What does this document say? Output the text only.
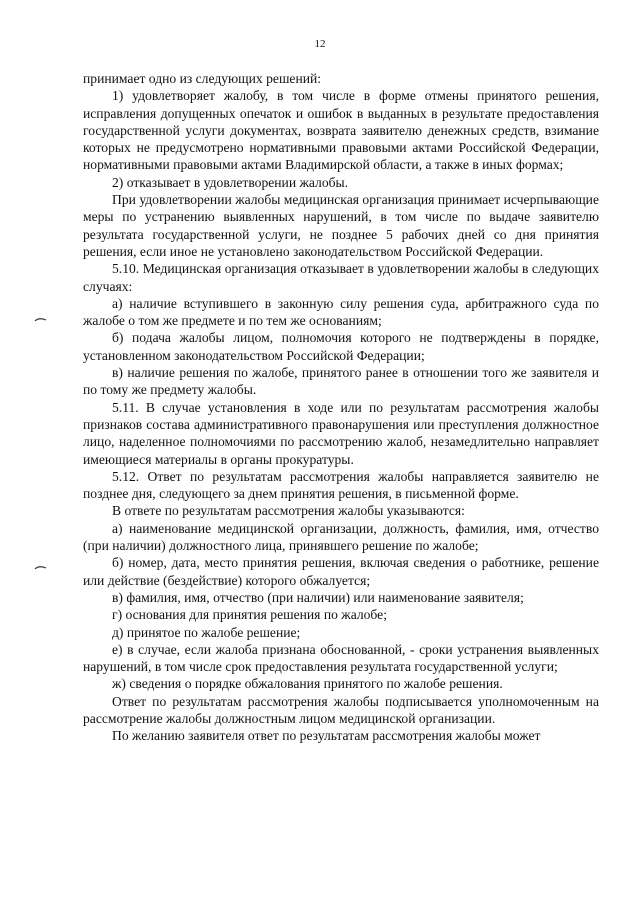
12

принимает одно из следующих решений:

1) удовлетворяет жалобу, в том числе в форме отмены принятого решения, исправления допущенных опечаток и ошибок в выданных в результате предоставления государственной услуги документах, возврата заявителю денежных средств, взимание которых не предусмотрено нормативными правовыми актами Российской Федерации, нормативными правовыми актами Владимирской области, а также в иных формах;

2) отказывает в удовлетворении жалобы.

При удовлетворении жалобы медицинская организация принимает исчерпывающие меры по устранению выявленных нарушений, в том числе по выдаче заявителю результата государственной услуги, не позднее 5 рабочих дней со дня принятия решения, если иное не установлено законодательством Российской Федерации.

5.10. Медицинская организация отказывает в удовлетворении жалобы в следующих случаях:

а) наличие вступившего в законную силу решения суда, арбитражного суда по жалобе о том же предмете и по тем же основаниям;

б) подача жалобы лицом, полномочия которого не подтверждены в порядке, установленном законодательством Российской Федерации;

в) наличие решения по жалобе, принятого ранее в отношении того же заявителя и по тому же предмету жалобы.

5.11. В случае установления в ходе или по результатам рассмотрения жалобы признаков состава административного правонарушения или преступления должностное лицо, наделенное полномочиями по рассмотрению жалоб, незамедлительно направляет имеющиеся материалы в органы прокуратуры.

5.12. Ответ по результатам рассмотрения жалобы направляется заявителю не позднее дня, следующего за днем принятия решения, в письменной форме.

В ответе по результатам рассмотрения жалобы указываются:

а) наименование медицинской организации, должность, фамилия, имя, отчество (при наличии) должностного лица, принявшего решение по жалобе;

б) номер, дата, место принятия решения, включая сведения о работнике, решение или действие (бездействие) которого обжалуется;

в) фамилия, имя, отчество (при наличии) или наименование заявителя;

г) основания для принятия решения по жалобе;

д) принятое по жалобе решение;

е) в случае, если жалоба признана обоснованной, - сроки устранения выявленных нарушений, в том числе срок предоставления результата государственной услуги;

ж) сведения о порядке обжалования принятого по жалобе решения.

Ответ по результатам рассмотрения жалобы подписывается уполномоченным на рассмотрение жалобы должностным лицом медицинской организации.

По желанию заявителя ответ по результатам рассмотрения жалобы может
